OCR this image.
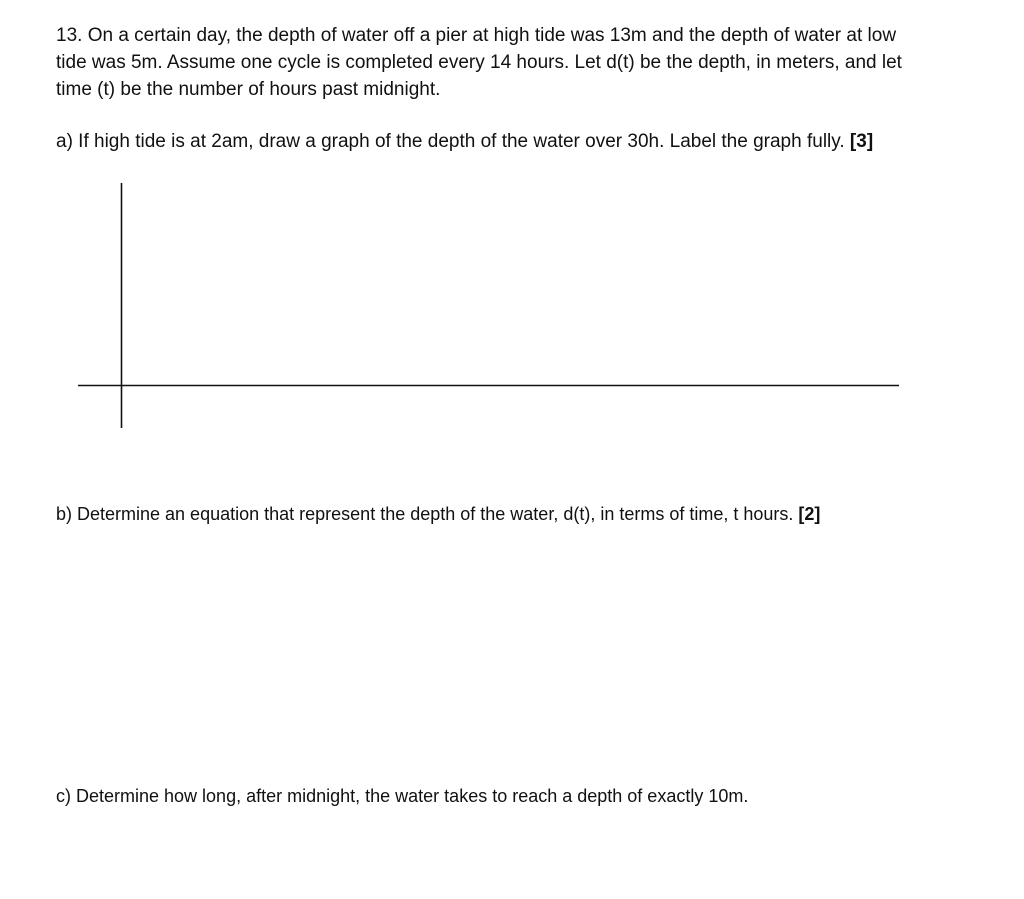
13. On a certain day, the depth of water off a pier at high tide was 13m and the depth of water at low
tide was 5m. Assume one cycle is completed every 14 hours. Let d(t) be the depth, in meters, and let
time (t) be the number of hours past midnight.

a) If high tide is at 2am, draw a graph of the depth of the water over 30h. Label the graph fully. [3]

b) Determine an equation that represent the depth of the water, d(t), in terms of time, t hours. [2]

c) Determine how long, after midnight, the water takes to reach a depth of exactly 10m.
